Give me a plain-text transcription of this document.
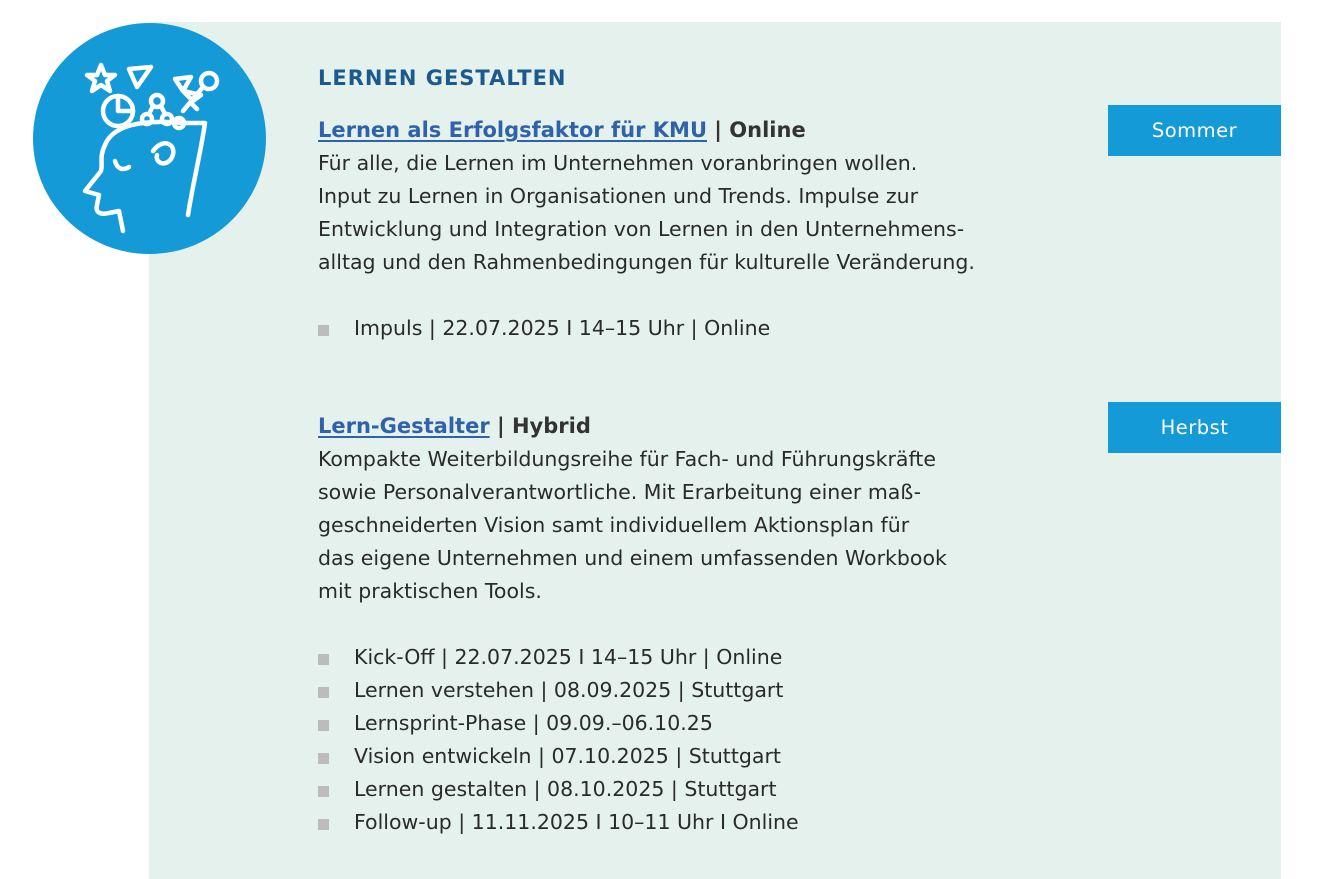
LERNEN GESTALTEN
Lernen als Erfolgsfaktor für KMU | Online

Für alle, die Lernen im Unternehmen voranbringen wollen.
Input zu Lernen in Organisationen und Trends. Impulse zur
Entwicklung und Integration von Lernen in den Unternehmens-
alltag und den Rahmenbedingungen für kulturelle Veränderung.

Impuls | 22.07.2025 I 14–15 Uhr | Online
Sommer
Lern-Gestalter | Hybrid

Kompakte Weiterbildungsreihe für Fach- und Führungskräfte
sowie Personalverantwortliche. Mit Erarbeitung einer maß-
geschneiderten Vision samt individuellem Aktionsplan für
das eigene Unternehmen und einem umfassenden Workbook
mit praktischen Tools.

Kick-Off | 22.07.2025 I 14–15 Uhr | Online
Lernen verstehen | 08.09.2025 | Stuttgart
Lernsprint-Phase | 09.09.–06.10.25
Vision entwickeln | 07.10.2025 | Stuttgart
Lernen gestalten | 08.10.2025 | Stuttgart
Follow-up | 11.11.2025 I 10–11 Uhr I Online
Herbst
